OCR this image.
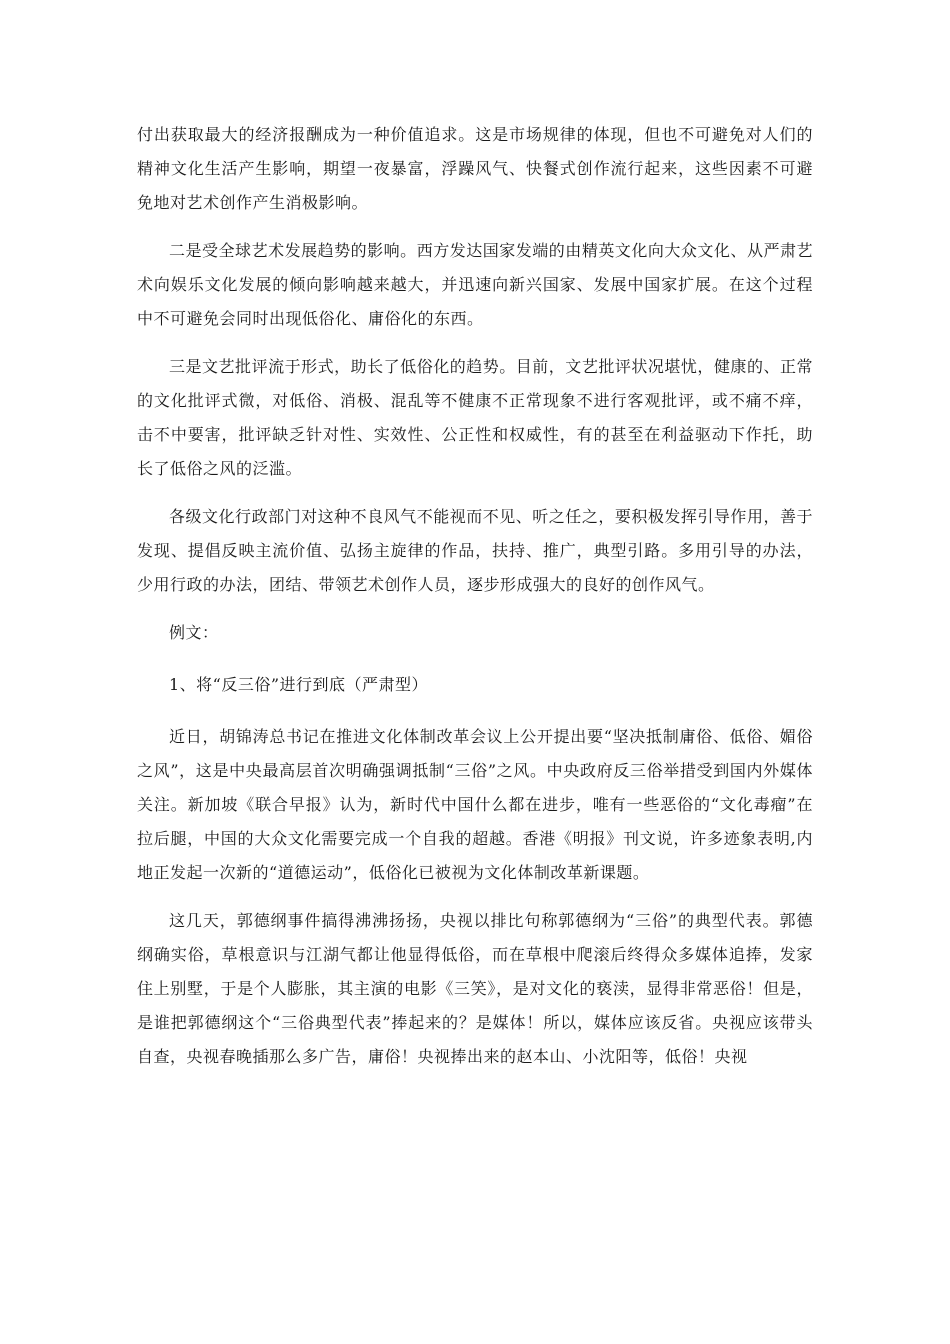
付出获取最大的经济报酬成为一种价值追求。这是市场规律的体现，但也不可避免对人们的精神文化生活产生影响，期望一夜暴富，浮躁风气、快餐式创作流行起来，这些因素不可避免地对艺术创作产生消极影响。

二是受全球艺术发展趋势的影响。西方发达国家发端的由精英文化向大众文化、从严肃艺术向娱乐文化发展的倾向影响越来越大，并迅速向新兴国家、发展中国家扩展。在这个过程中不可避免会同时出现低俗化、庸俗化的东西。

三是文艺批评流于形式，助长了低俗化的趋势。目前，文艺批评状况堪忧，健康的、正常的文化批评式微，对低俗、消极、混乱等不健康不正常现象不进行客观批评，或不痛不痒，击不中要害，批评缺乏针对性、实效性、公正性和权威性，有的甚至在利益驱动下作托，助长了低俗之风的泛滥。

各级文化行政部门对这种不良风气不能视而不见、听之任之，要积极发挥引导作用，善于发现、提倡反映主流价值、弘扬主旋律的作品，扶持、推广，典型引路。多用引导的办法，少用行政的办法，团结、带领艺术创作人员，逐步形成强大的良好的创作风气。

例文：

1、将“反三俗”进行到底（严肃型）

近日，胡锦涛总书记在推进文化体制改革会议上公开提出要“坚决抵制庸俗、低俗、媚俗之风”，这是中央最高层首次明确强调抵制“三俗”之风。中央政府反三俗举措受到国内外媒体关注。新加坡《联合早报》认为，新时代中国什么都在进步，唯有一些恶俗的“文化毒瘤”在拉后腿，中国的大众文化需要完成一个自我的超越。香港《明报》刊文说，许多迹象表明,内地正发起一次新的“道德运动”，低俗化已被视为文化体制改革新课题。

这几天，郭德纲事件搞得沸沸扬扬，央视以排比句称郭德纲为“三俗”的典型代表。郭德纲确实俗，草根意识与江湖气都让他显得低俗，而在草根中爬滚后终得众多媒体追捧，发家住上别墅，于是个人膨胀，其主演的电影《三笑》，是对文化的亵渎，显得非常恶俗！但是，是谁把郭德纲这个“三俗典型代表”捧起来的？是媒体！所以，媒体应该反省。央视应该带头自查，央视春晚插那么多广告，庸俗！央视捧出来的赵本山、小沈阳等，低俗！央视
